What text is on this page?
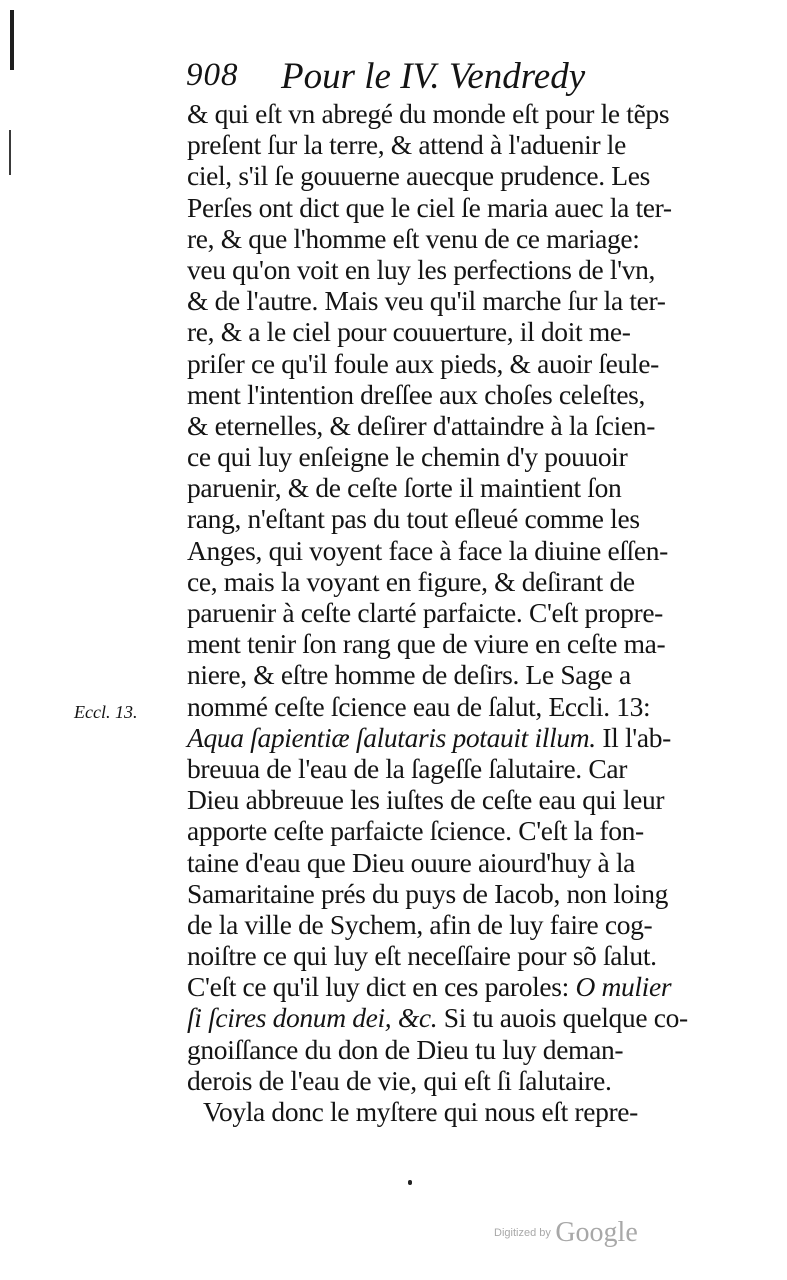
908 Pour le IV. Vendredy
Eccl. 13.
& qui eſt vn abregé du monde eſt pour le tẽps
preſent ſur la terre, & attend à l'aduenir le
ciel, s'il ſe gouuerne auecque prudence. Les
Perſes ont dict que le ciel ſe maria auec la ter-
re, & que l'homme eſt venu de ce mariage:
veu qu'on voit en luy les perfections de l'vn,
& de l'autre. Mais veu qu'il marche ſur la ter-
re, & a le ciel pour couuerture, il doit me-
priſer ce qu'il foule aux pieds, & auoir ſeule-
ment l'intention dreſſee aux choſes celeſtes,
& eternelles, & deſirer d'attaindre à la ſcien-
ce qui luy enſeigne le chemin d'y pouuoir
paruenir, & de ceſte ſorte il maintient ſon
rang, n'eſtant pas du tout eſleué comme les
Anges, qui voyent face à face la diuine eſſen-
ce, mais la voyant en figure, & deſirant de
paruenir à ceſte clarté parfaicte. C'eſt propre-
ment tenir ſon rang que de viure en ceſte ma-
niere, & eſtre homme de deſirs. Le Sage a
nommé ceſte ſcience eau de ſalut, Eccli. 13:
Aqua ſapientiæ ſalutaris potauit illum. Il l'ab-
breuua de l'eau de la ſageſſe ſalutaire. Car
Dieu abbreuue les iuſtes de ceſte eau qui leur
apporte ceſte parfaicte ſcience. C'eſt la fon-
taine d'eau que Dieu ouure aiourd'huy à la
Samaritaine prés du puys de Iacob, non loing
de la ville de Sychem, afin de luy faire cog-
noiſtre ce qui luy eſt neceſſaire pour sõ ſalut.
C'eſt ce qu'il luy dict en ces paroles: O mulier
ſi ſcires donum dei, &c. Si tu auois quelque co-
gnoiſſance du don de Dieu tu luy deman-
derois de l'eau de vie, qui eſt ſi ſalutaire.
Voyla donc le myſtere qui nous eſt repre-
Digitized by Google
